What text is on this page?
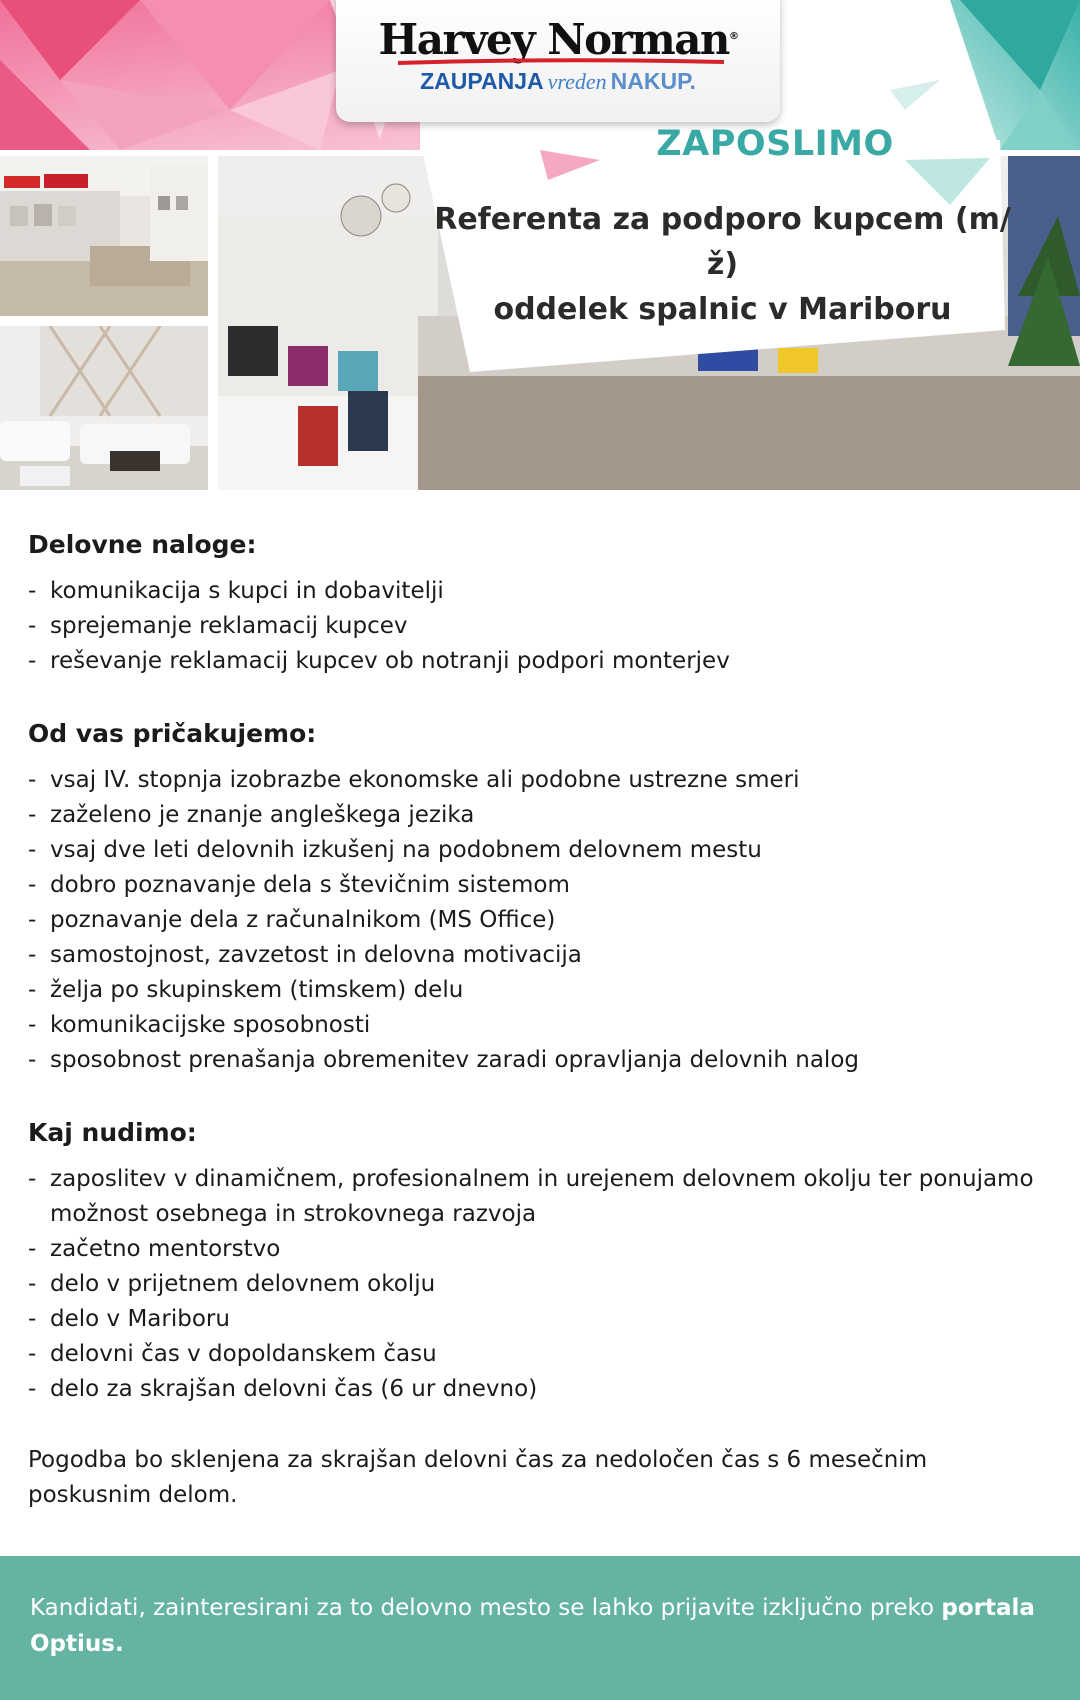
Harvey Norman®
ZAUPANJA vreden NAKUP.
ZAPOSLIMO
Referenta za podporo kupcem (m/ž)
oddelek spalnic v Mariboru
Delovne naloge:
- komunikacija s kupci in dobavitelji
- sprejemanje reklamacij kupcev
- reševanje reklamacij kupcev ob notranji podpori monterjev
Od vas pričakujemo:
- vsaj IV. stopnja izobrazbe ekonomske ali podobne ustrezne smeri
- zaželeno je znanje angleškega jezika
- vsaj dve leti delovnih izkušenj na podobnem delovnem mestu
- dobro poznavanje dela s števičnim sistemom
- poznavanje dela z računalnikom (MS Office)
- samostojnost, zavzetost in delovna motivacija
- želja po skupinskem (timskem) delu
- komunikacijske sposobnosti
- sposobnost prenašanja obremenitev zaradi opravljanja delovnih nalog
Kaj nudimo:
- zaposlitev v dinamičnem, profesionalnem in urejenem delovnem okolju ter ponujamo možnost osebnega in strokovnega razvoja
- začetno mentorstvo
- delo v prijetnem delovnem okolju
- delo v Mariboru
- delovni čas v dopoldanskem času
- delo za skrajšan delovni čas (6 ur dnevno)

Pogodba bo sklenjena za skrajšan delovni čas za nedoločen čas s 6 mesečnim poskusnim delom.

Kandidati, zainteresirani za to delovno mesto se lahko prijavite izključno preko portala Optius.
